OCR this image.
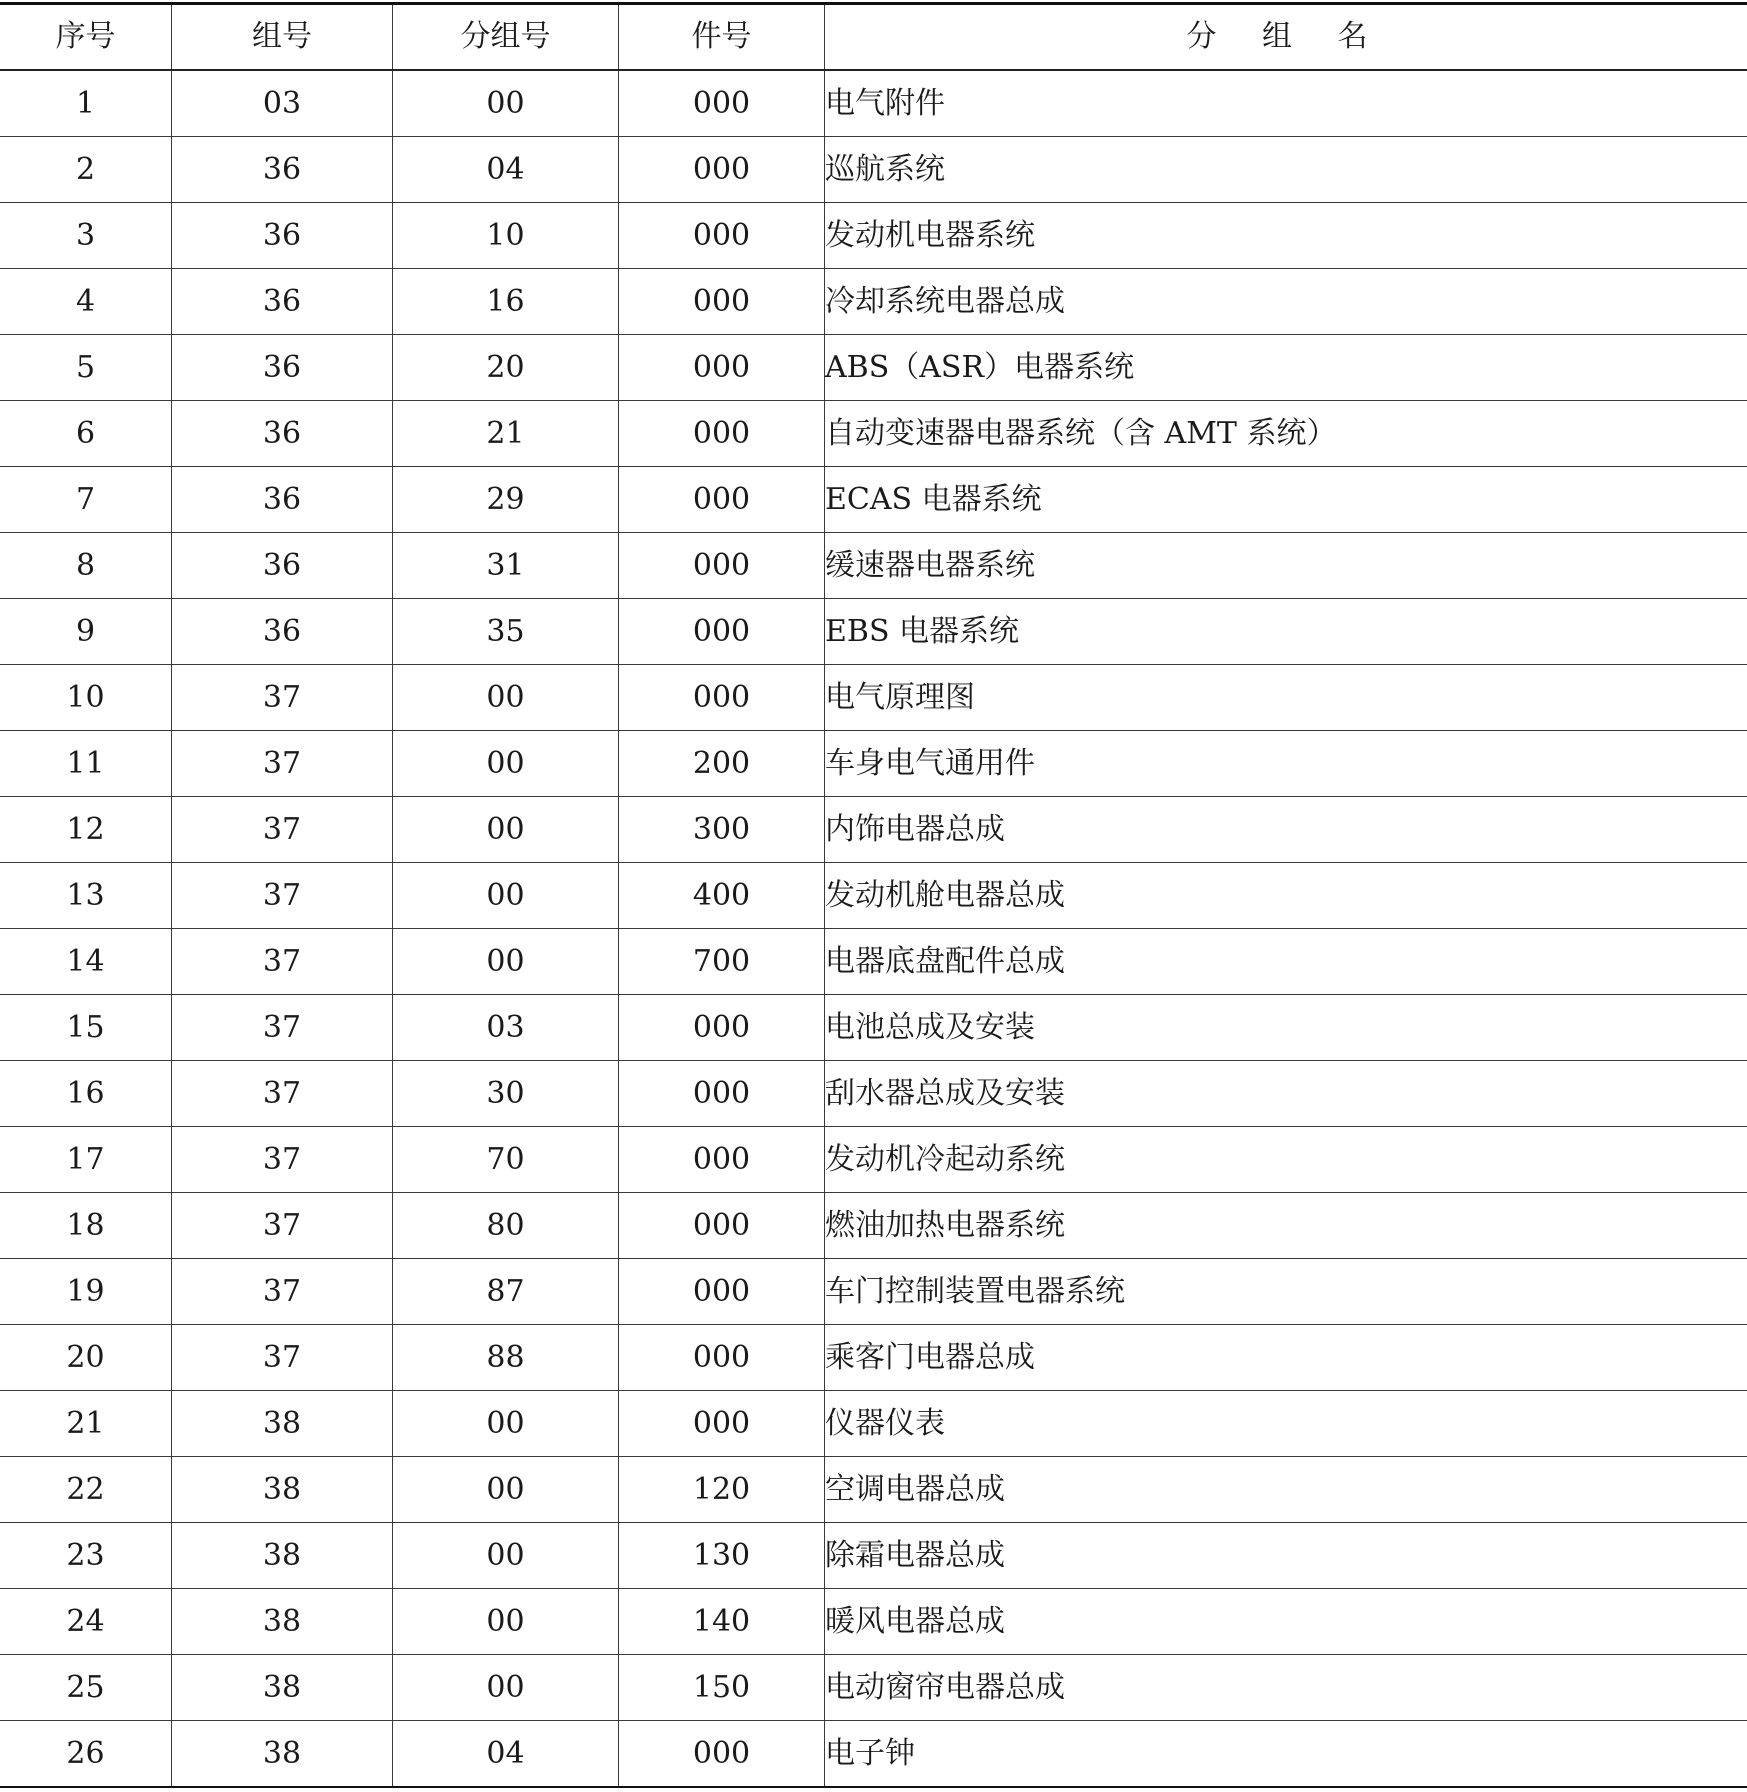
序号	组号	分组号	件号	分 组 名
1	03	00	000	电气附件
2	36	04	000	巡航系统
3	36	10	000	发动机电器系统
4	36	16	000	冷却系统电器总成
5	36	20	000	ABS（ASR）电器系统
6	36	21	000	自动变速器电器系统（含 AMT 系统）
7	36	29	000	ECAS 电器系统
8	36	31	000	缓速器电器系统
9	36	35	000	EBS 电器系统
10	37	00	000	电气原理图
11	37	00	200	车身电气通用件
12	37	00	300	内饰电器总成
13	37	00	400	发动机舱电器总成
14	37	00	700	电器底盘配件总成
15	37	03	000	电池总成及安装
16	37	30	000	刮水器总成及安装
17	37	70	000	发动机冷起动系统
18	37	80	000	燃油加热电器系统
19	37	87	000	车门控制装置电器系统
20	37	88	000	乘客门电器总成
21	38	00	000	仪器仪表
22	38	00	120	空调电器总成
23	38	00	130	除霜电器总成
24	38	00	140	暖风电器总成
25	38	00	150	电动窗帘电器总成
26	38	04	000	电子钟
